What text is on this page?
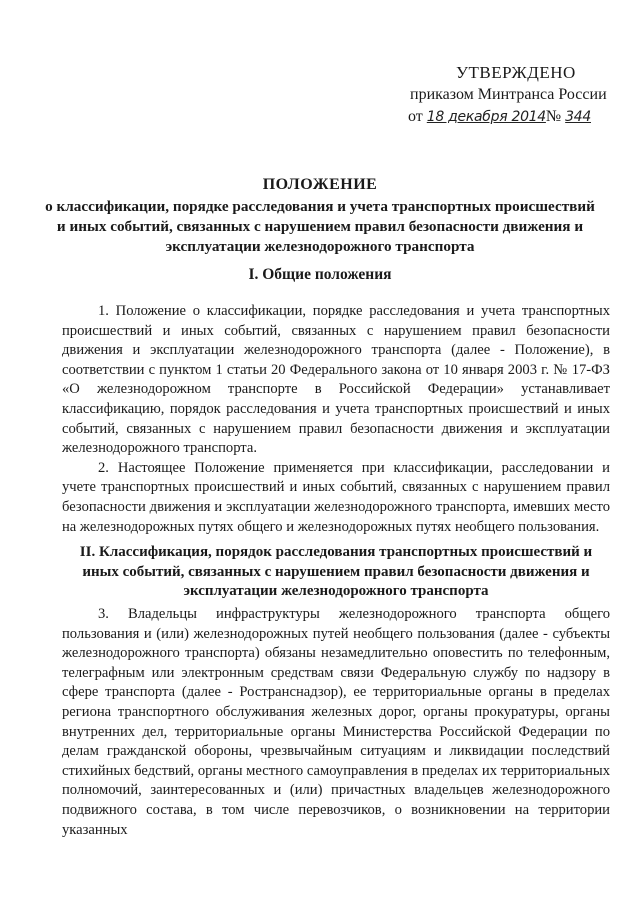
УТВЕРЖДЕНО
приказом Минтранса России
от 18 декабря 2014№ 344
ПОЛОЖЕНИЕ
о классификации, порядке расследования и учета транспортных происшествий и иных событий, связанных с нарушением правил безопасности движения и эксплуатации железнодорожного транспорта
I. Общие положения

1. Положение о классификации, порядке расследования и учета транспортных происшествий и иных событий, связанных с нарушением правил безопасности движения и эксплуатации железнодорожного транспорта (далее - Положение), в соответствии с пунктом 1 статьи 20 Федерального закона от 10 января 2003 г. № 17-ФЗ «О железнодорожном транспорте в Российской Федерации» устанавливает классификацию, порядок расследования и учета транспортных происшествий и иных событий, связанных с нарушением правил безопасности движения и эксплуатации железнодорожного транспорта.

2. Настоящее Положение применяется при классификации, расследовании и учете транспортных происшествий и иных событий, связанных с нарушением правил безопасности движения и эксплуатации железнодорожного транспорта, имевших место на железнодорожных путях общего и железнодорожных путях необщего пользования.

II. Классификация, порядок расследования транспортных происшествий и иных событий, связанных с нарушением правил безопасности движения и эксплуатации железнодорожного транспорта

3. Владельцы инфраструктуры железнодорожного транспорта общего пользования и (или) железнодорожных путей необщего пользования (далее - субъекты железнодорожного транспорта) обязаны незамедлительно оповестить по телефонным, телеграфным или электронным средствам связи Федеральную службу по надзору в сфере транспорта (далее - Ространснадзор), ее территориальные органы в пределах региона транспортного обслуживания железных дорог, органы прокуратуры, органы внутренних дел, территориальные органы Министерства Российской Федерации по делам гражданской обороны, чрезвычайным ситуациям и ликвидации последствий стихийных бедствий, органы местного самоуправления в пределах их территориальных полномочий, заинтересованных и (или) причастных владельцев железнодорожного подвижного состава, в том числе перевозчиков, о возникновении на территории указанных
